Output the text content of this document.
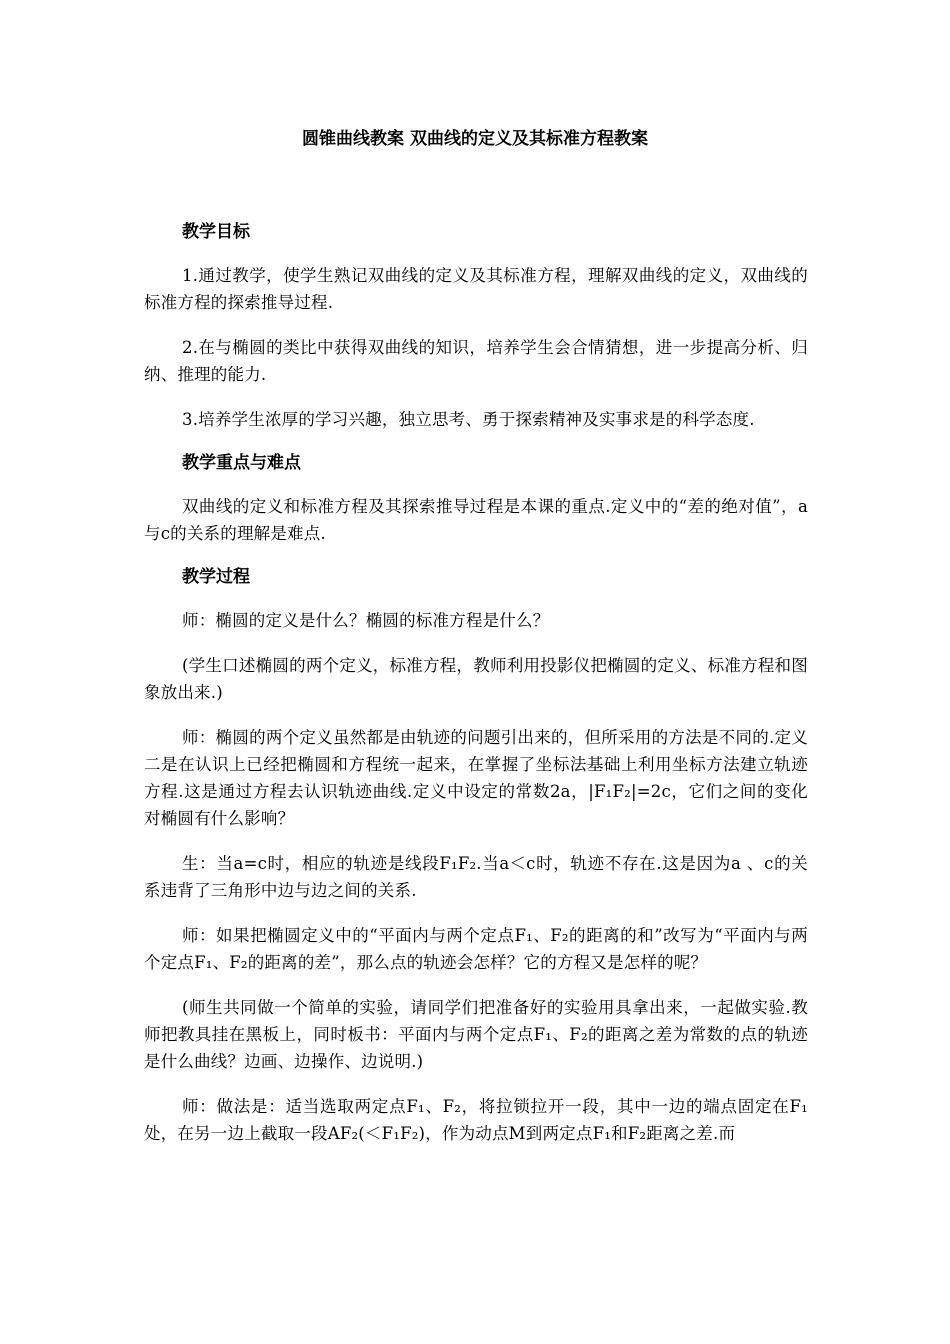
圆锥曲线教案 双曲线的定义及其标准方程教案
教学目标

1.通过教学，使学生熟记双曲线的定义及其标准方程，理解双曲线的定义，双曲线的标准方程的探索推导过程.

2.在与椭圆的类比中获得双曲线的知识，培养学生会合情猜想，进一步提高分析、归纳、推理的能力.

3.培养学生浓厚的学习兴趣，独立思考、勇于探索精神及实事求是的科学态度.

教学重点与难点

双曲线的定义和标准方程及其探索推导过程是本课的重点.定义中的“差的绝对值”，a与c的关系的理解是难点.

教学过程

师：椭圆的定义是什么？椭圆的标准方程是什么？

(学生口述椭圆的两个定义，标准方程，教师利用投影仪把椭圆的定义、标准方程和图象放出来.)

师：椭圆的两个定义虽然都是由轨迹的问题引出来的，但所采用的方法是不同的.定义二是在认识上已经把椭圆和方程统一起来，在掌握了坐标法基础上利用坐标方法建立轨迹方程.这是通过方程去认识轨迹曲线.定义中设定的常数2a，|F₁F₂|=2c，它们之间的变化对椭圆有什么影响？

生：当a=c时，相应的轨迹是线段F₁F₂.当a＜c时，轨迹不存在.这是因为a 、c的关系违背了三角形中边与边之间的关系.

师：如果把椭圆定义中的“平面内与两个定点F₁、F₂的距离的和”改写为“平面内与两个定点F₁、F₂的距离的差”，那么点的轨迹会怎样？它的方程又是怎样的呢？

(师生共同做一个简单的实验，请同学们把准备好的实验用具拿出来，一起做实验.教师把教具挂在黑板上，同时板书：平面内与两个定点F₁、F₂的距离之差为常数的点的轨迹是什么曲线？边画、边操作、边说明.)

师：做法是：适当选取两定点F₁、F₂，将拉锁拉开一段，其中一边的端点固定在F₁处，在另一边上截取一段AF₂(＜F₁F₂)，作为动点M到两定点F₁和F₂距离之差.而
